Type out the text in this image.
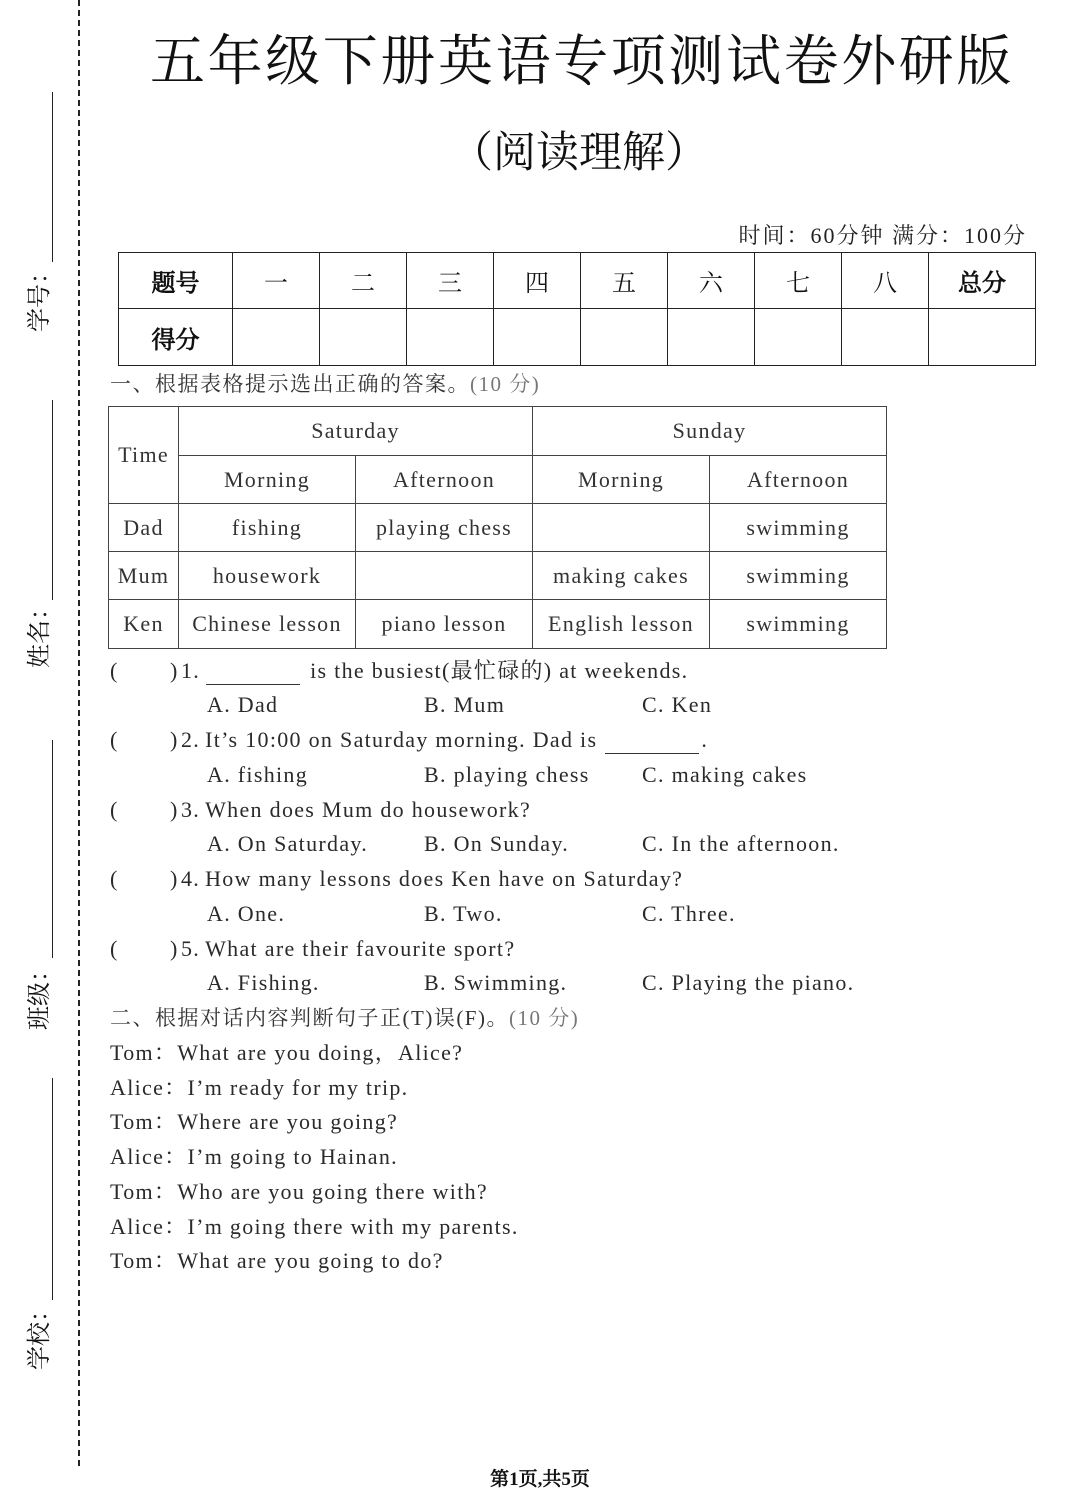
学号：
姓名：
班级：
学校：
五年级下册英语专项测试卷外研版
（阅读理解）
时间：60分钟 满分：100分
题号	一	二	三	四	五	六	七	八	总分
得分									
一、根据表格提示选出正确的答案。(10 分)
Time	Saturday		Sunday	
	Morning	Afternoon	Morning	Afternoon
Dad	fishing	playing chess		swimming
Mum	housework		making cakes	swimming
Ken	Chinese lesson	piano lesson	English lesson	swimming
( ) 1.	is the busiest(最忙碌的) at weekends.
A. Dad	B. Mum	C. Ken
( ) 2. It’s 10:00 on Saturday morning. Dad is	.
A. fishing	B. playing chess C. making cakes
( ) 3. When does Mum do housework?
A. On Saturday.	B. On Sunday.	C. In the afternoon.
( ) 4. How many lessons does Ken have on Saturday?
A. One.	B. Two.	C. Three.
( ) 5. What are their favourite sport?
A. Fishing.	B. Swimming.	C. Playing the piano.
二、根据对话内容判断句子正(T)误(F)。(10 分)
Tom：What are you doing，Alice?
Alice：I’m ready for my trip.
Tom：Where are you going?
Alice：I’m going to Hainan.
Tom：Who are you going there with?
Alice：I’m going there with my parents.
Tom：What are you going to do?
第1页,共5页
